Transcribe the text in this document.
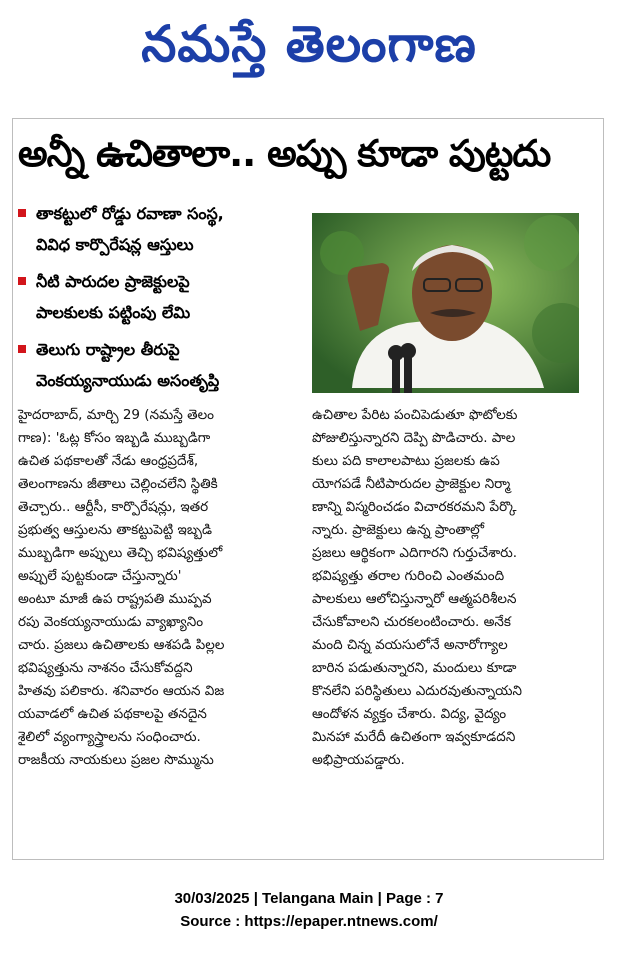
నమస్తే తెలంగాణ
అన్నీ ఉచితాలా.. అప్పు కూడా పుట్టదు
తాకట్టులో రోడ్డు రవాణా సంస్థ,
వివిధ కార్పొరేషన్ల ఆస్తులు
నీటి పారుదల ప్రాజెక్టులపై
పాలకులకు పట్టింపు లేమి
తెలుగు రాష్ట్రాల తీరుపై
వెంకయ్యనాయుడు అసంతృప్తి
హైదరాబాద్, మార్చి 29 (నమస్తే తెలం
గాణ): 'ఓట్ల కోసం ఇబ్బడి ముబ్బడిగా
ఉచిత పథకాలతో నేడు ఆంధ్రప్రదేశ్,
తెలంగాణను జీతాలు చెల్లించలేని స్థితికి
తెచ్చారు.. ఆర్టీసీ, కార్పొరేషన్లు, ఇతర
ప్రభుత్వ ఆస్తులను తాకట్టుపెట్టి ఇబ్బడి
ముబ్బడిగా అప్పులు తెచ్చి భవిష్యత్తులో
అప్పులే పుట్టకుండా చేస్తున్నారు'
అంటూ మాజీ ఉప రాష్ట్రపతి ముప్పవ
రపు వెంకయ్యనాయుడు వ్యాఖ్యానిం
చారు. ప్రజలు ఉచితాలకు ఆశపడి పిల్లల
భవిష్యత్తును నాశనం చేసుకోవద్దని
హితవు పలికారు. శనివారం ఆయన విజ
యవాడలో ఉచిత పథకాలపై తనదైన
శైలిలో వ్యంగ్యాస్త్రాలను సంధించారు.
రాజకీయ నాయకులు ప్రజల సొమ్మును
ఉచితాల పేరిట పంచిపెడుతూ ఫొటోలకు
పోజులిస్తున్నారని దెప్పి పొడిచారు. పాల
కులు పది కాలాలపాటు ప్రజలకు ఉప
యోగపడే నీటిపారుదల ప్రాజెక్టుల నిర్మా
ణాన్ని విస్మరించడం విచారకరమని పేర్కొ
న్నారు. ప్రాజెక్టులు ఉన్న ప్రాంతాల్లో
ప్రజలు ఆర్థికంగా ఎదిగారని గుర్తుచేశారు.
భవిష్యత్తు తరాల గురించి ఎంతమంది
పాలకులు ఆలోచిస్తున్నారో ఆత్మపరిశీలన
చేసుకోవాలని చురకలంటించారు. అనేక
మంది చిన్న వయసులోనే అనారోగ్యాల
బారిన పడుతున్నారని, మందులు కూడా
కొనలేని పరిస్థితులు ఎదురవుతున్నాయని
ఆందోళన వ్యక్తం చేశారు. విద్య, వైద్యం
మినహా మరేదీ ఉచితంగా ఇవ్వకూడదని
అభిప్రాయపడ్డారు.
30/03/2025 | Telangana Main | Page : 7
Source : https://epaper.ntnews.com/
